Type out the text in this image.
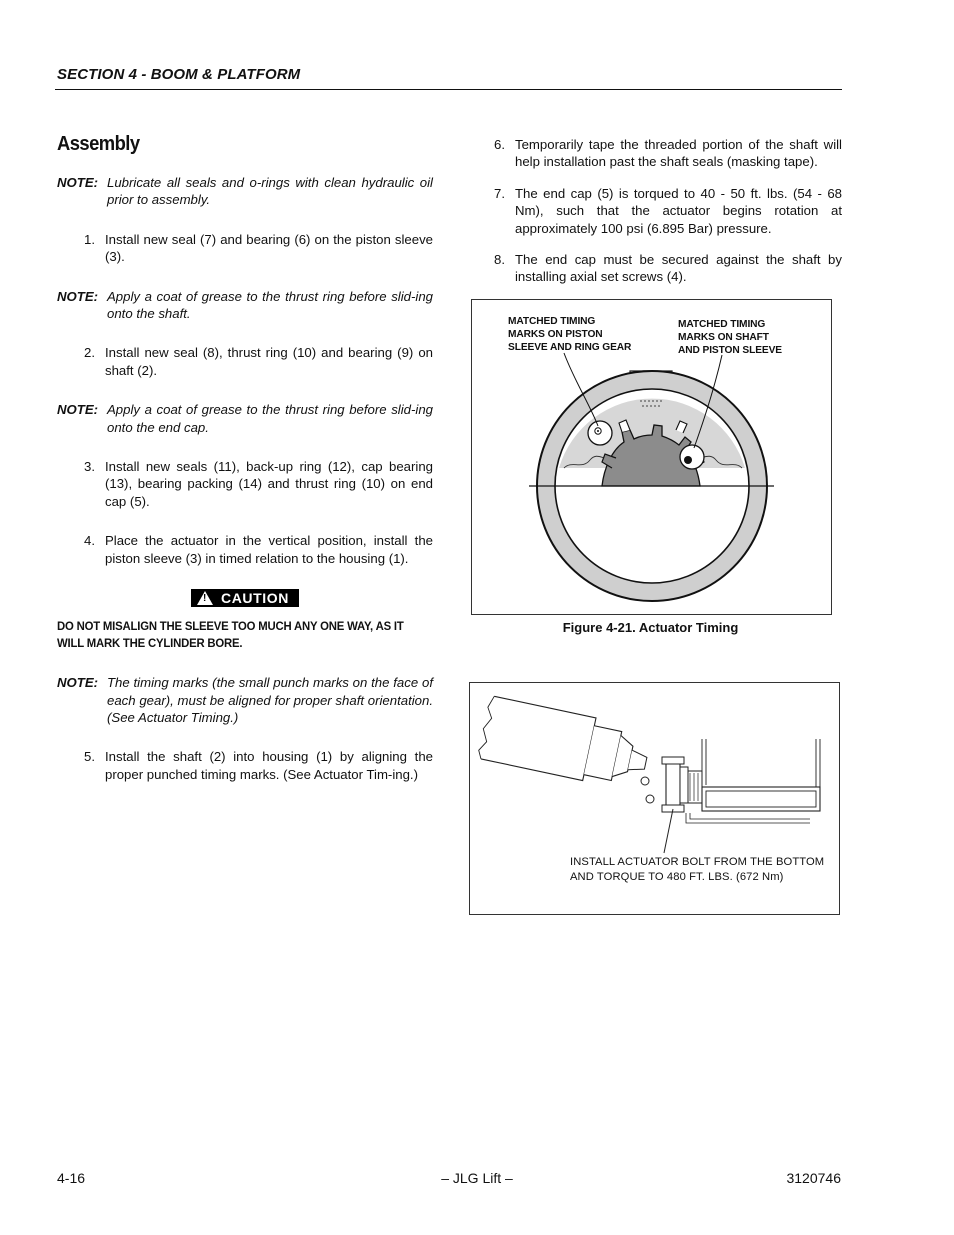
SECTION 4 - BOOM & PLATFORM
Assembly
NOTE: Lubricate all seals and o-rings with clean hydraulic oil prior to assembly.
1. Install new seal (7) and bearing (6) on the piston sleeve (3).
NOTE: Apply a coat of grease to the thrust ring before slid-ing onto the shaft.
2. Install new seal (8), thrust ring (10) and bearing (9) on shaft (2).
NOTE: Apply a coat of grease to the thrust ring before slid-ing onto the end cap.
3. Install new seals (11), back-up ring (12), cap bearing (13), bearing packing (14) and thrust ring (10) on end cap (5).
4. Place the actuator in the vertical position, install the piston sleeve (3) in timed relation to the housing (1).
! CAUTION
DO NOT MISALIGN THE SLEEVE TOO MUCH ANY ONE WAY, AS IT WILL MARK THE CYLINDER BORE.
NOTE: The timing marks (the small punch marks on the face of each gear), must be aligned for proper shaft orientation. (See Actuator Timing.)
5. Install the shaft (2) into housing (1) by aligning the proper punched timing marks. (See Actuator Tim-ing.)
6. Temporarily tape the threaded portion of the shaft will help installation past the shaft seals (masking tape).
7. The end cap (5) is torqued to 40 - 50 ft. lbs. (54 - 68 Nm), such that the actuator begins rotation at approximately 100 psi (6.895 Bar) pressure.
8. The end cap must be secured against the shaft by installing axial set screws (4).
MATCHED TIMING
MARKS ON PISTON
SLEEVE AND RING GEAR
MATCHED TIMING
MARKS ON SHAFT
AND PISTON SLEEVE
Figure 4-21. Actuator Timing
INSTALL ACTUATOR BOLT FROM THE BOTTOM
AND TORQUE TO 480 FT. LBS. (672 Nm)
4-16	– JLG Lift –	3120746
